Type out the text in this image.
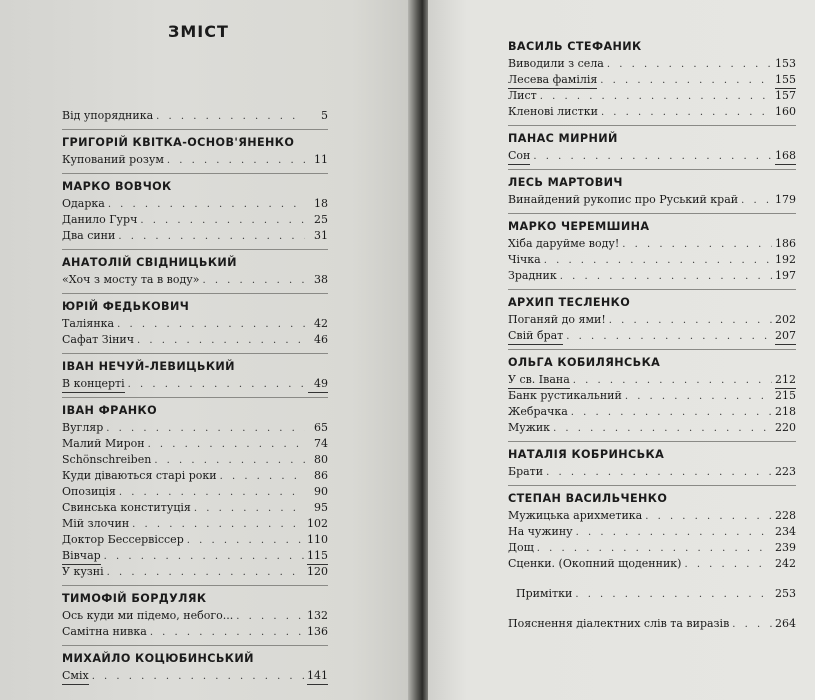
ЗМІСТ
Від упорядника . . .	5
ГРИГОРІЙ КВІТКА-ОСНОВ'ЯНЕНКО
Купований розум . . .	11
МАРКО ВОВЧОК
Одарка . . .	18
Данило Гурч . . .	25
Два сини . . .	31
АНАТОЛІЙ СВІДНИЦЬКИЙ
«Хоч з мосту та в воду» . . .	38
ЮРІЙ ФЕДЬКОВИЧ
Таліянка . . .	42
Сафат Зінич . . .	46
ІВАН НЕЧУЙ-ЛЕВИЦЬКИЙ
В концерті . . .	49
ІВАН ФРАНКО
Вугляр . . .	65
Малий Мирон . . .	74
Schönschreiben . . .	80
Куди діваються старі роки . . .	86
Опозиція . . .	90
Свинська конституція . . .	95
Мій злочин . . .	102
Доктор Бессервіссер . . .	110
Вівчар . . .	115
У кузні . . .	120
ТИМОФІЙ БОРДУЛЯК
Ось куди ми підемо, небого... . . .	132
Самітна нивка . . .	136
МИХАЙЛО КОЦЮБИНСЬКИЙ
Сміх . . .	141
ВАСИЛЬ СТЕФАНИК
Виводили з села . . .	153
Лесева фамілія . . .	155
Лист . . .	157
Кленові листки . . .	160
ПАНАС МИРНИЙ
Сон . . .	168
ЛЕСЬ МАРТОВИЧ
Винайдений рукопис про Руський край . . .	179
МАРКО ЧЕРЕМШИНА
Хіба даруйме воду! . . .	186
Чічка . . .	192
Зрадник . . .	197
АРХИП ТЕСЛЕНКО
Поганяй до ями! . . .	202
Свій брат . . .	207
ОЛЬГА КОБИЛЯНСЬКА
У св. Івана . . .	212
Банк рустикальний . . .	215
Жебрачка . . .	218
Мужик . . .	220
НАТАЛІЯ КОБРИНСЬКА
Брати . . .	223
СТЕПАН ВАСИЛЬЧЕНКО
Мужицька арихметика . . .	228
На чужину . . .	234
Дощ . . .	239
Сценки. (Окопний щоденник) . . .	242
Примітки . . .	253
Пояснення діалектних слів та виразів . . .	264
